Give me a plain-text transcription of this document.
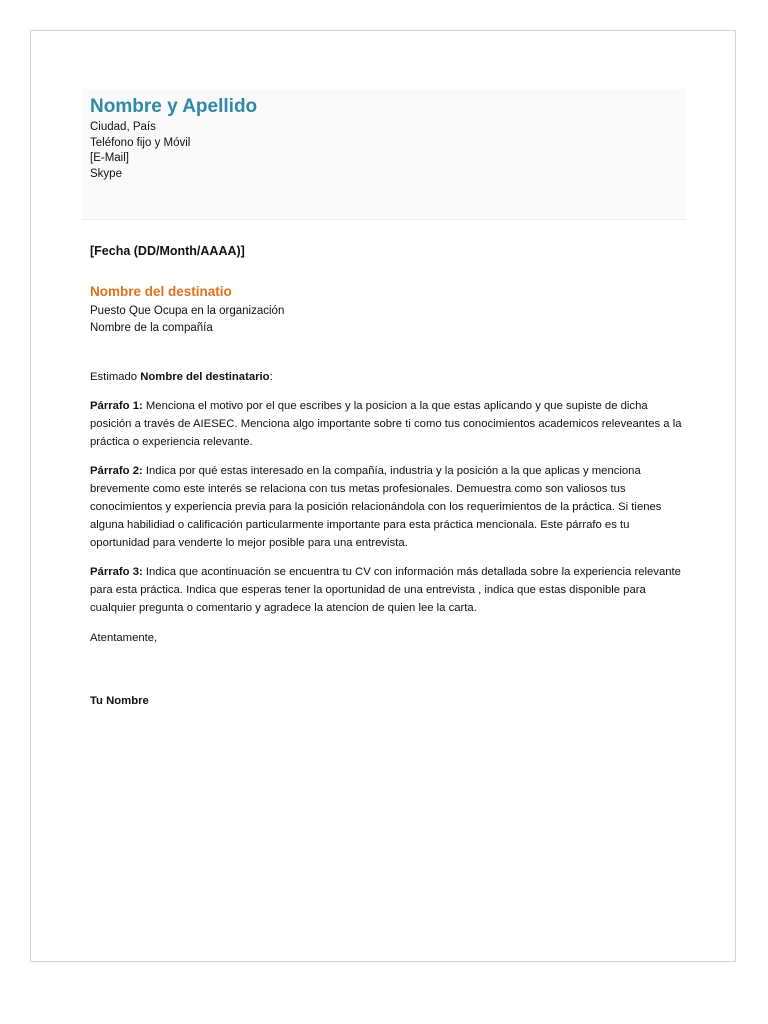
Nombre y Apellido
Ciudad, País
Teléfono fijo y Móvil
[E-Mail]
Skype
[Fecha (DD/Month/AAAA)]
Nombre del destinatio
Puesto Que Ocupa en la organización
Nombre de la compañía
Estimado Nombre del destinatario:
Párrafo 1: Menciona el motivo por el que escribes y la posicion a la que estas aplicando y que supiste de dicha posición a través de AIESEC. Menciona algo importante sobre ti como tus conocimientos academicos releveantes a la práctica o experiencia relevante.
Párrafo 2: Indica por qué estas interesado en la compañía, industria y la posición a la que aplicas y menciona brevemente como este interés se relaciona con tus metas profesionales. Demuestra como son valiosos tus conocimientos y experiencia previa para la posición relacionándola con los requerimientos de la práctica. Si tienes alguna habilidiad o calificación particularmente importante para esta práctica mencionala. Este párrafo es tu oportunidad para venderte lo mejor posible para una entrevista.
Párrafo 3: Indica que acontinuación se encuentra tu CV con información más detallada sobre la experiencia relevante para esta práctica. Indica que esperas tener la oportunidad de una entrevista , indica que estas disponible para cualquier pregunta o comentario y agradece la atencion de quien lee la carta.
Atentamente,
Tu Nombre
